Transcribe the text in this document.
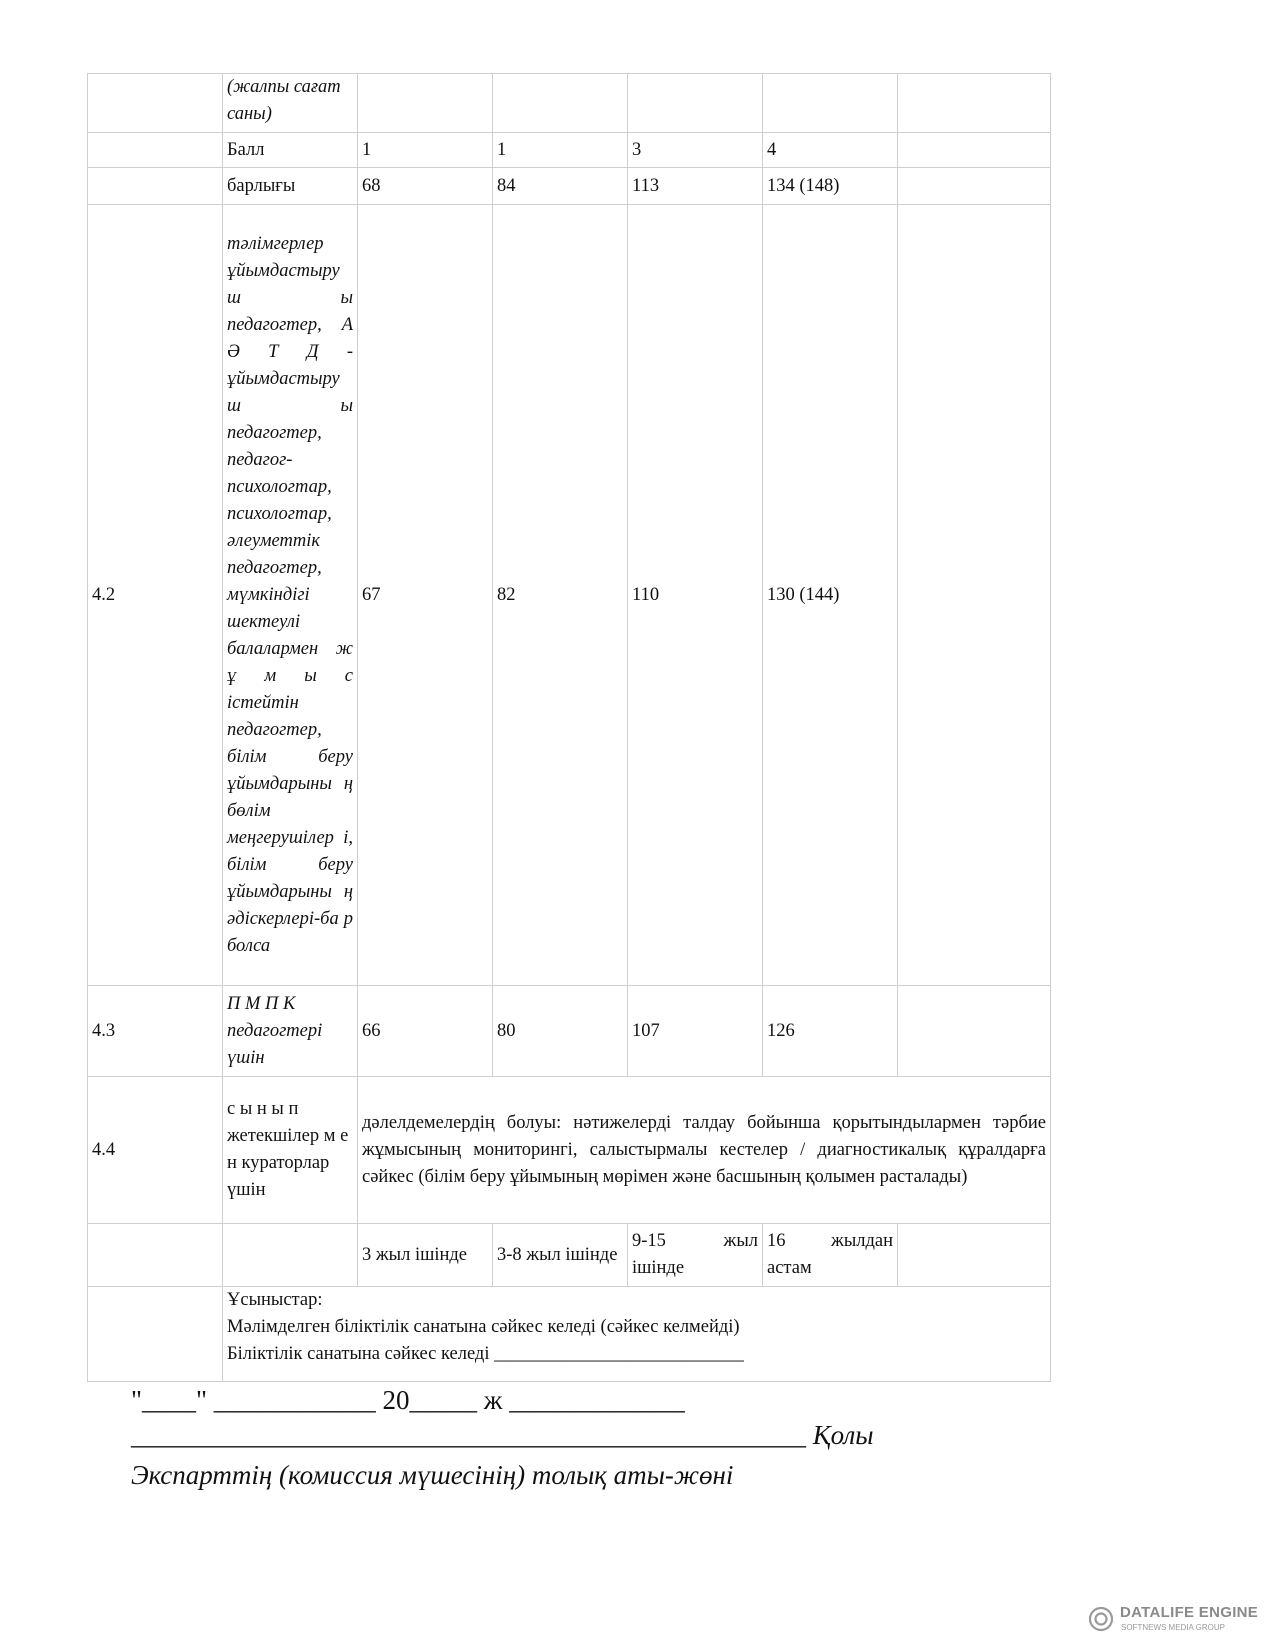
	(жалпы сағат
саны)					
	Балл	1	1	3	4	
	барлығы	68	84	113	134 (148)	
4.2	тәлімгерлер ұйымдастыру ш ы педагогтер, А Ә Т Д - ұйымдастыру ш ы педагогтер, педагог-психологтар, психологтар, әлеуметтік педагогтер, мүмкіндігі шектеулі балалармен ж ұ м ы с істейтін педагогтер, білім беру ұйымдарыны ң бөлім меңгерушілер і, білім беру ұйымдарыны ң әдіскерлері-ба р болса	67	82	110	130 (144)	
4.3	П М П К педагогтері үшін	66	80	107	126	
4.4	с ы н ы п жетекшілер м е н кураторлар үшін	дәлелдемелердің болуы: нәтижелерді талдау бойынша қорытындылармен тәрбие жұмысының мониторингі, салыстырмалы кестелер / диагностикалық құралдарға сәйкес (білім беру ұйымының мөрімен және басшының қолымен расталады)				
		3 жыл ішінде	3-8 жыл ішінде	9-15 жыл ішінде	16 жылдан астам	

	Ұсыныстар:
Мәлімделген біліктілік санатына сәйкес келеді (сәйкес келмейді)
Біліктілік санатына сәйкес келеді ___________________________					
"____" ____________ 20_____ ж _____________
__________________________________________________ Қолы
Экспарттің (комиссия мүшесінің) толық аты-жөні
DATALIFE ENGINE
SOFTNEWS MEDIA GROUP
